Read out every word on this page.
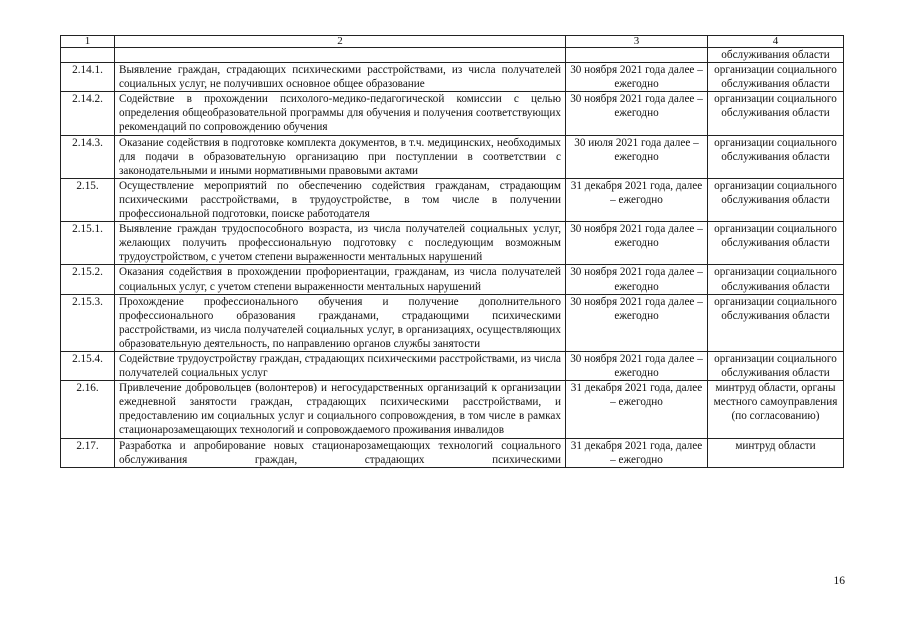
1	2	3	4
			обслуживания области
2.14.1.	Выявление граждан, страдающих психическими расстройствами, из числа получателей социальных услуг, не получивших основное общее образование	30 ноября 2021 года далее – ежегодно	организации социального обслуживания области
2.14.2.	Содействие в прохождении психолого-медико-педагогической комиссии с целью определения общеобразовательной программы для обучения и получения соответствующих рекомендаций по сопровождению обучения	30 ноября 2021 года далее – ежегодно	организации социального обслуживания области
2.14.3.	Оказание содействия в подготовке комплекта документов, в т.ч. медицинских, необходимых для подачи в образовательную организацию при поступлении в соответствии с законодательными и иными нормативными правовыми актами	30 июля 2021 года далее – ежегодно	организации социального обслуживания области
2.15.	Осуществление мероприятий по обеспечению содействия гражданам, страдающим психическими расстройствами, в трудоустройстве, в том числе в получении профессиональной подготовки, поиске работодателя	31 декабря 2021 года, далее – ежегодно	организации социального обслуживания области
2.15.1.	Выявление граждан трудоспособного возраста, из числа получателей социальных услуг, желающих получить профессиональную подготовку с последующим возможным трудоустройством, с учетом степени выраженности ментальных нарушений	30 ноября 2021 года далее – ежегодно	организации социального обслуживания области
2.15.2.	Оказания содействия в прохождении профориентации, гражданам, из числа получателей социальных услуг, с учетом степени выраженности ментальных нарушений	30 ноября 2021 года далее – ежегодно	организации социального обслуживания области
2.15.3.	Прохождение профессионального обучения и получение дополнительного профессионального образования гражданами, страдающими психическими расстройствами, из числа получателей социальных услуг, в организациях, осуществляющих образовательную деятельность, по направлению органов службы занятости	30 ноября 2021 года далее – ежегодно	организации социального обслуживания области
2.15.4.	Содействие трудоустройству граждан, страдающих психическими расстройствами, из числа получателей социальных услуг	30 ноября 2021 года далее – ежегодно	организации социального обслуживания области
2.16.	Привлечение добровольцев (волонтеров) и негосударственных организаций к организации ежедневной занятости граждан, страдающих психическими расстройствами, и предоставлению им социальных услуг и социального сопровождения, в том числе в рамках стационарозамещающих технологий и сопровождаемого проживания инвалидов	31 декабря 2021 года, далее – ежегодно	минтруд области, органы местного самоуправления (по согласованию)
2.17.	Разработка и апробирование новых стационарозамещающих технологий социального обслуживания граждан, страдающих психическими	31 декабря 2021 года, далее – ежегодно	минтруд области
16
